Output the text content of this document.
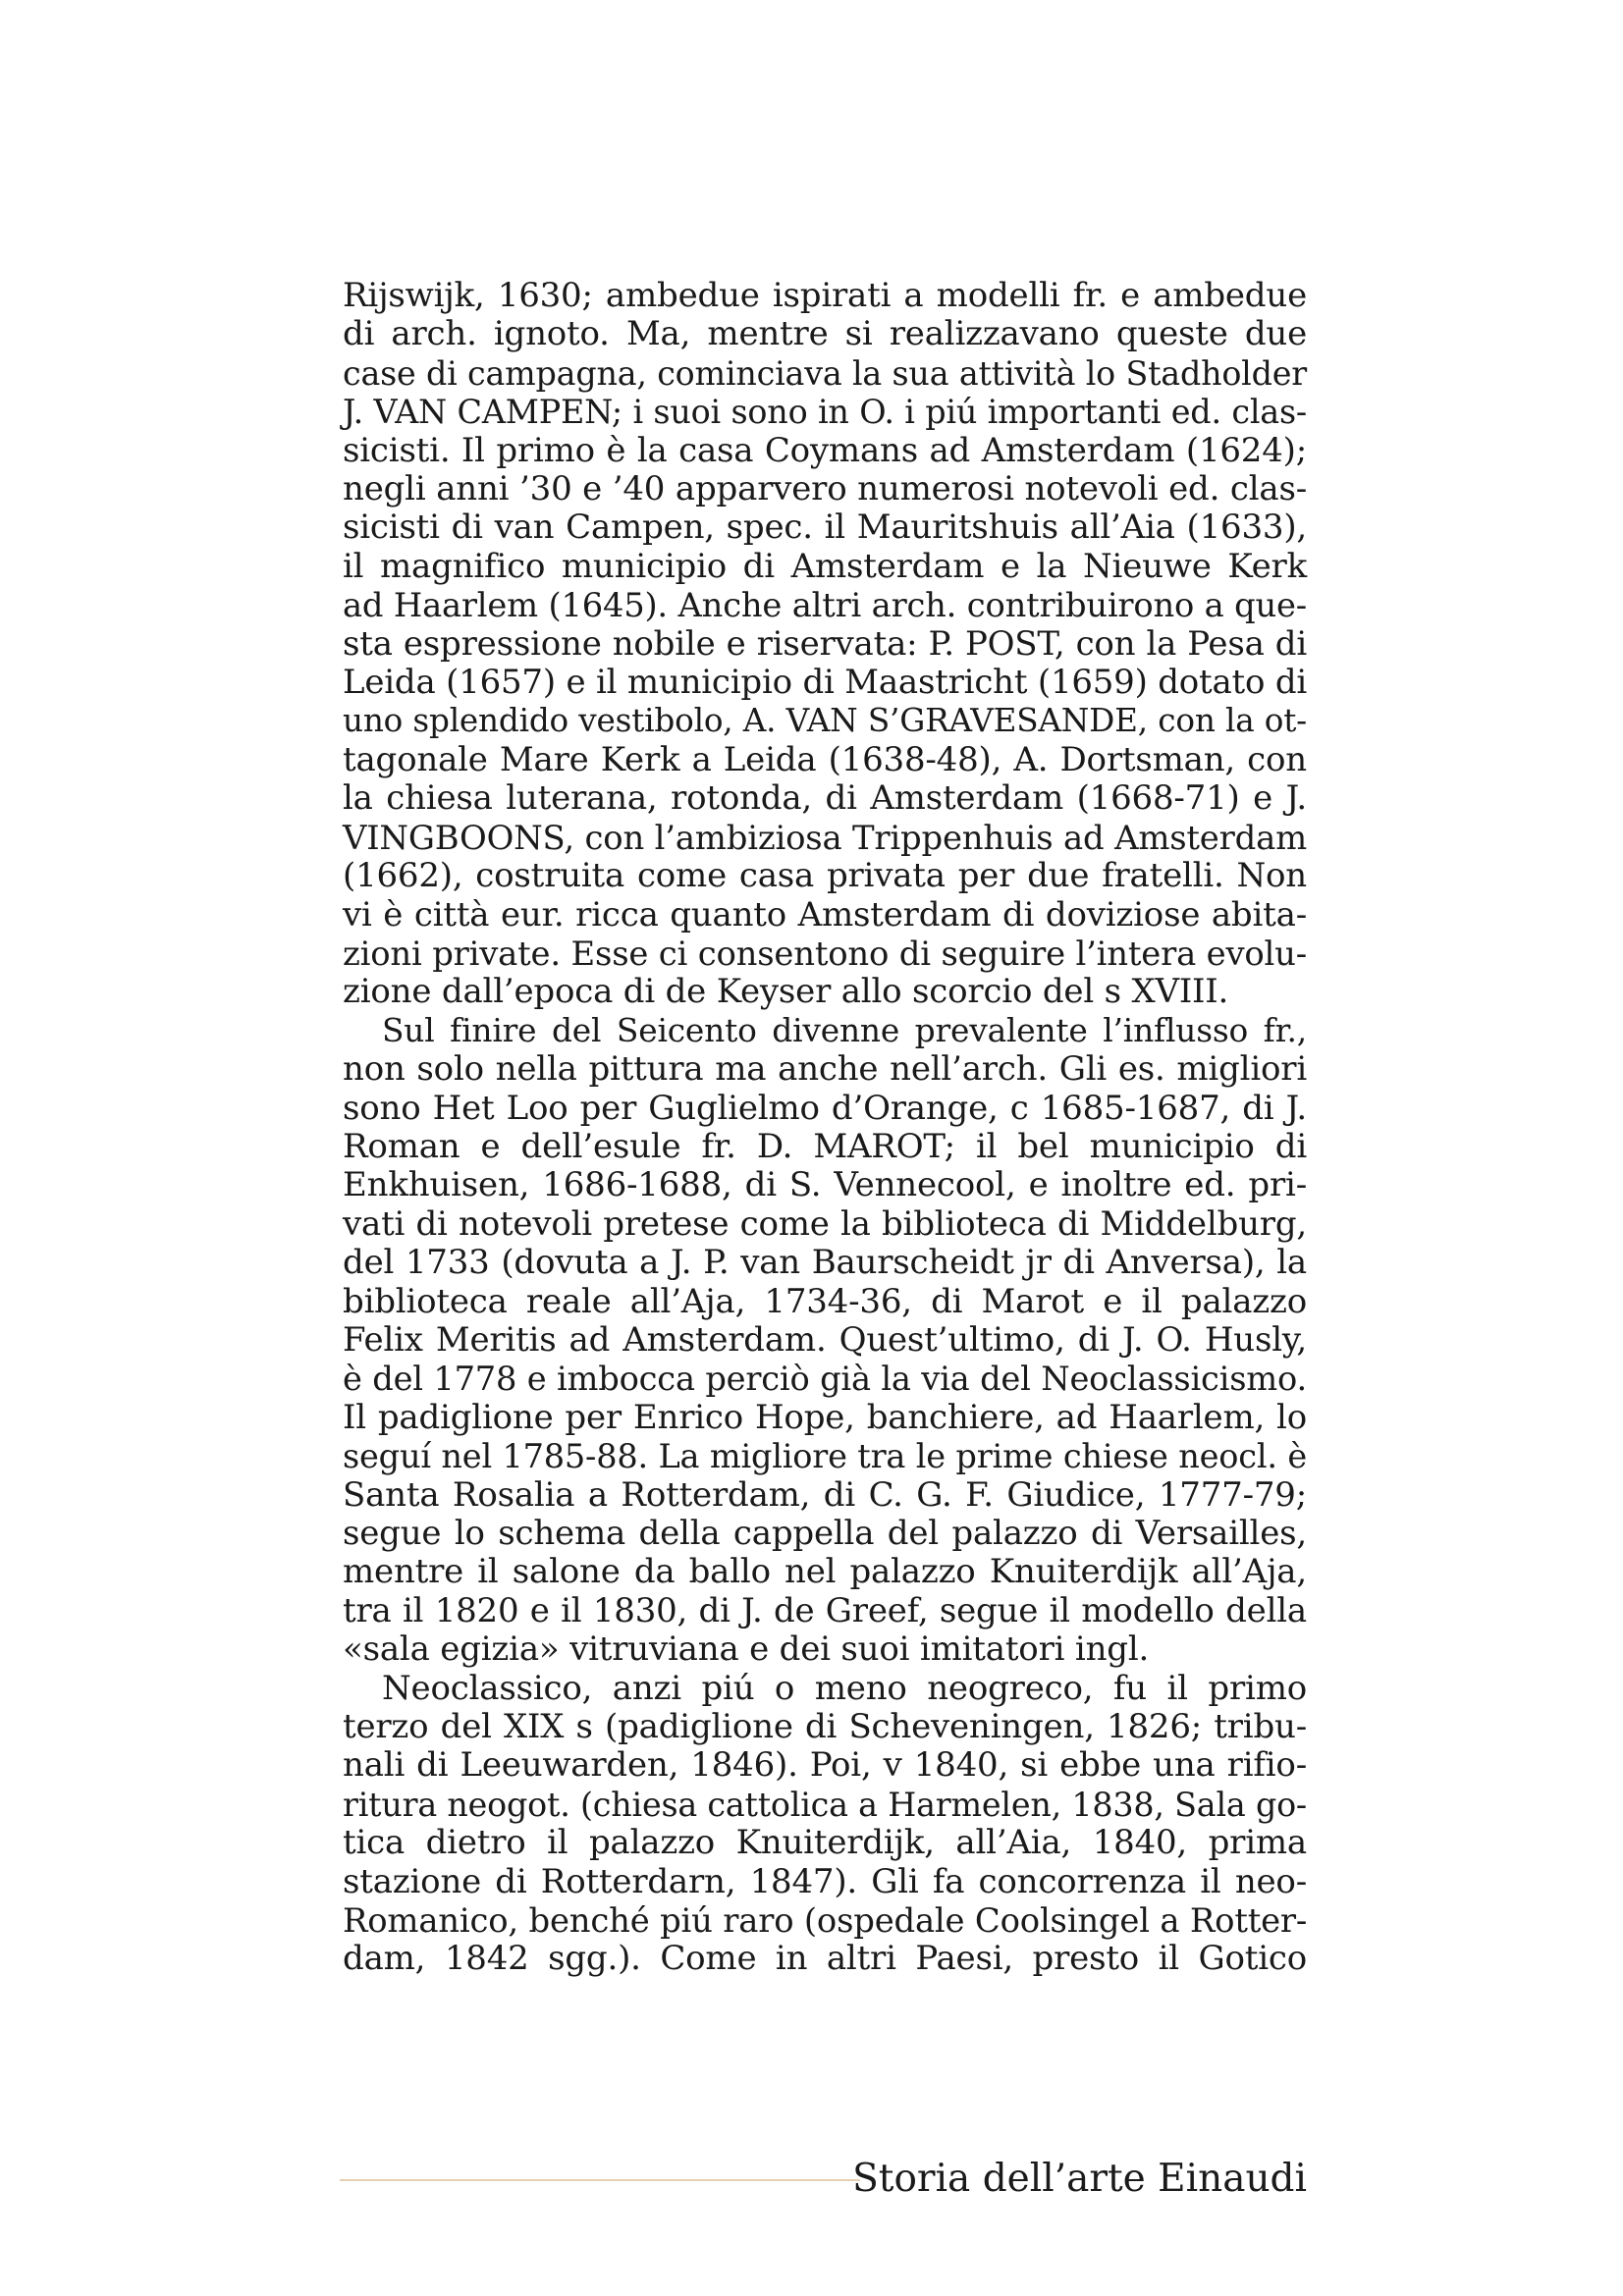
Rijswijk, 1630; ambedue ispirati a modelli fr. e ambedue
di arch. ignoto. Ma, mentre si realizzavano queste due
case di campagna, cominciava la sua attività lo Stadholder
J. VAN CAMPEN; i suoi sono in O. i piú importanti ed. clas-
sicisti. Il primo è la casa Coymans ad Amsterdam (1624);
negli anni ’30 e ’40 apparvero numerosi notevoli ed. clas-
sicisti di van Campen, spec. il Mauritshuis all’Aia (1633),
il magnifico municipio di Amsterdam e la Nieuwe Kerk
ad Haarlem (1645). Anche altri arch. contribuirono a que-
sta espressione nobile e riservata: P. POST, con la Pesa di
Leida (1657) e il municipio di Maastricht (1659) dotato di
uno splendido vestibolo, A. VAN S’GRAVESANDE, con la ot-
tagonale Mare Kerk a Leida (1638-48), A. Dortsman, con
la chiesa luterana, rotonda, di Amsterdam (1668-71) e J.
VINGBOONS, con l’ambiziosa Trippenhuis ad Amsterdam
(1662), costruita come casa privata per due fratelli. Non
vi è città eur. ricca quanto Amsterdam di doviziose abita-
zioni private. Esse ci consentono di seguire l’intera evolu-
zione dall’epoca di de Keyser allo scorcio del s XVIII.
Sul finire del Seicento divenne prevalente l’influsso fr.,
non solo nella pittura ma anche nell’arch. Gli es. migliori
sono Het Loo per Guglielmo d’Orange, c 1685-1687, di J.
Roman e dell’esule fr. D. MAROT; il bel municipio di
Enkhuisen, 1686-1688, di S. Vennecool, e inoltre ed. pri-
vati di notevoli pretese come la biblioteca di Middelburg,
del 1733 (dovuta a J. P. van Baurscheidt jr di Anversa), la
biblioteca reale all’Aja, 1734-36, di Marot e il palazzo
Felix Meritis ad Amsterdam. Quest’ultimo, di J. O. Husly,
è del 1778 e imbocca perciò già la via del Neoclassicismo.
Il padiglione per Enrico Hope, banchiere, ad Haarlem, lo
seguí nel 1785-88. La migliore tra le prime chiese neocl. è
Santa Rosalia a Rotterdam, di C. G. F. Giudice, 1777-79;
segue lo schema della cappella del palazzo di Versailles,
mentre il salone da ballo nel palazzo Knuiterdijk all’Aja,
tra il 1820 e il 1830, di J. de Greef, segue il modello della
«sala egizia» vitruviana e dei suoi imitatori ingl.
Neoclassico, anzi piú o meno neogreco, fu il primo
terzo del XIX s (padiglione di Scheveningen, 1826; tribu-
nali di Leeuwarden, 1846). Poi, v 1840, si ebbe una rifio-
ritura neogot. (chiesa cattolica a Harmelen, 1838, Sala go-
tica dietro il palazzo Knuiterdijk, all’Aia, 1840, prima
stazione di Rotterdarn, 1847). Gli fa concorrenza il neo-
Romanico, benché piú raro (ospedale Coolsingel a Rotter-
dam, 1842 sgg.). Come in altri Paesi, presto il Gotico
Storia dell’arte Einaudi
